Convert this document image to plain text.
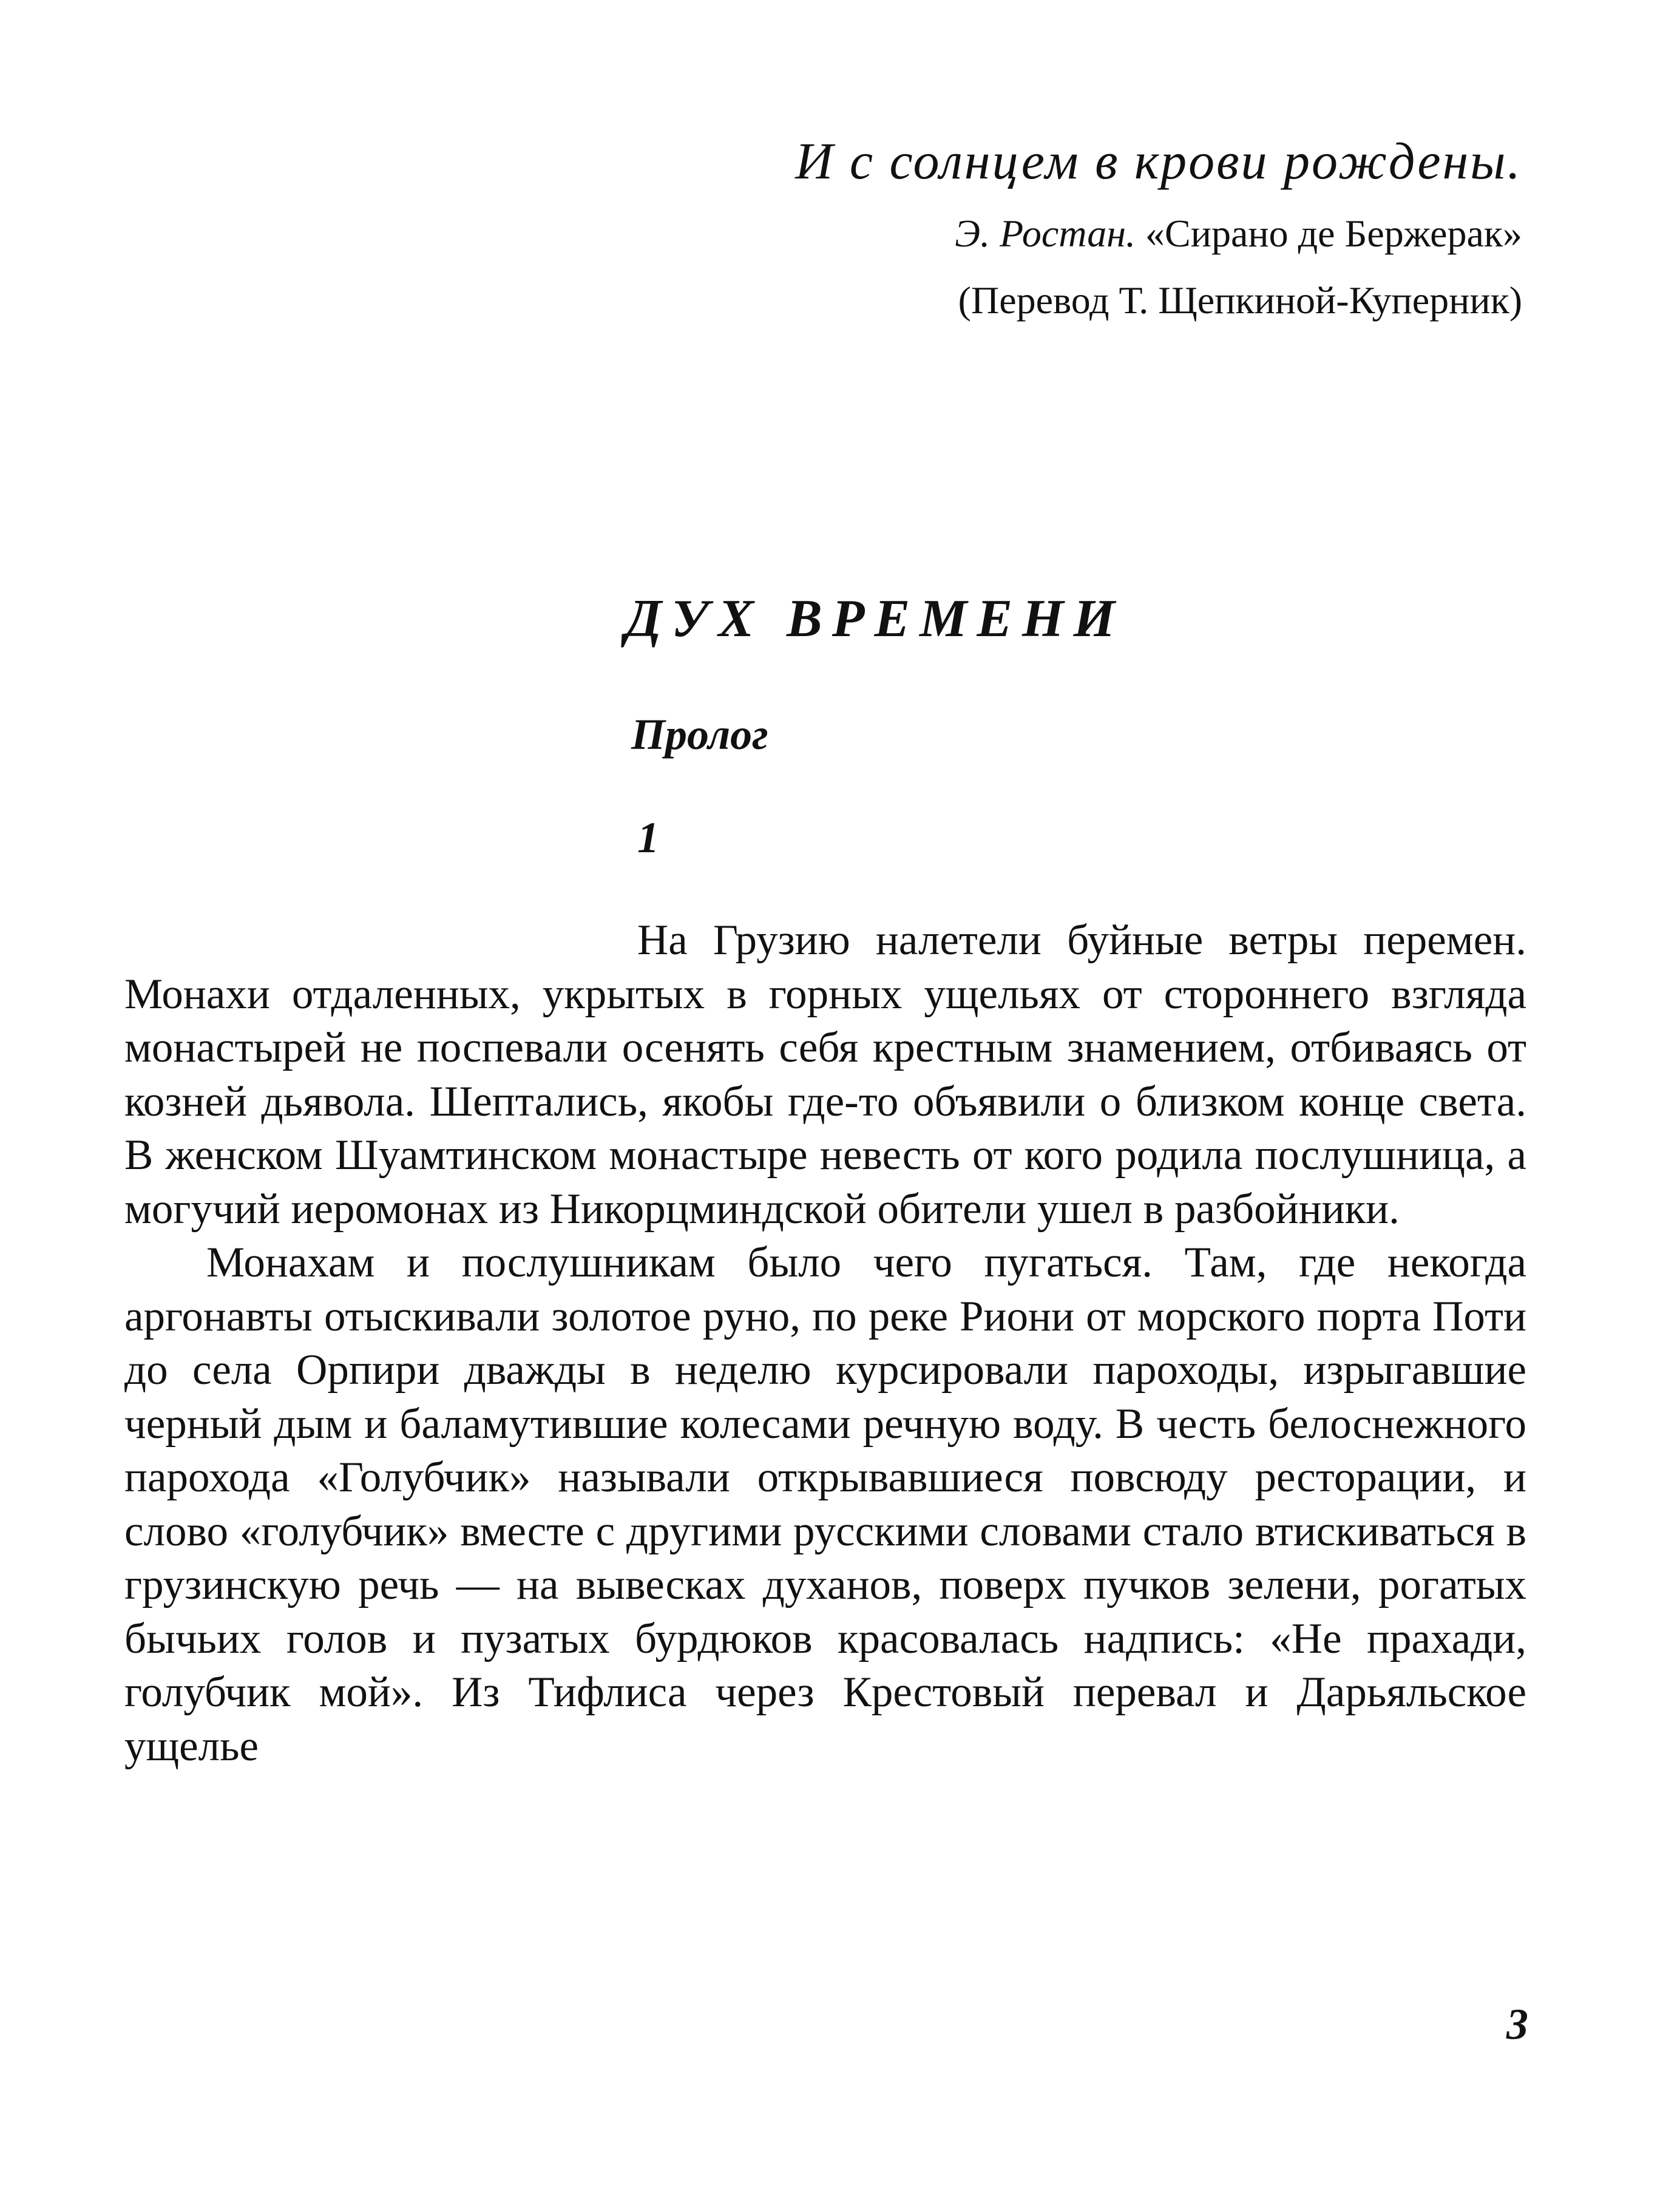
И с солнцем в крови рождены.
Э. Ростан. «Сирано де Бержерак»
(Перевод Т. Щепкиной-Куперник)
ДУХ ВРЕМЕНИ
Пролог
1

На Грузию налетели буйные ветры перемен. Монахи отдаленных, укрытых в горных ущельях от стороннего взгляда монастырей не поспевали осенять себя крестным знамением, отбиваясь от козней дьявола. Шептались, якобы где-то объявили о близком конце света. В женском Шуамтинском монастыре невесть от кого родила послушница, а могучий иеромонах из Никорцминдской обители ушел в разбойники.

Монахам и послушникам было чего пугаться. Там, где некогда аргонавты отыскивали золотое руно, по реке Риони от морского порта Поти до села Орпири дважды в неделю курсировали пароходы, изрыгавшие черный дым и баламутившие колесами речную воду. В честь белоснежного парохода «Голубчик» называли открывавшиеся повсюду ресторации, и слово «голубчик» вместе с другими русскими словами стало втискиваться в грузинскую речь — на вывесках духанов, поверх пучков зелени, рогатых бычьих голов и пузатых бурдюков красовалась надпись: «Не прахади, голубчик мой». Из Тифлиса через Крестовый перевал и Дарьяльское ущелье

3
